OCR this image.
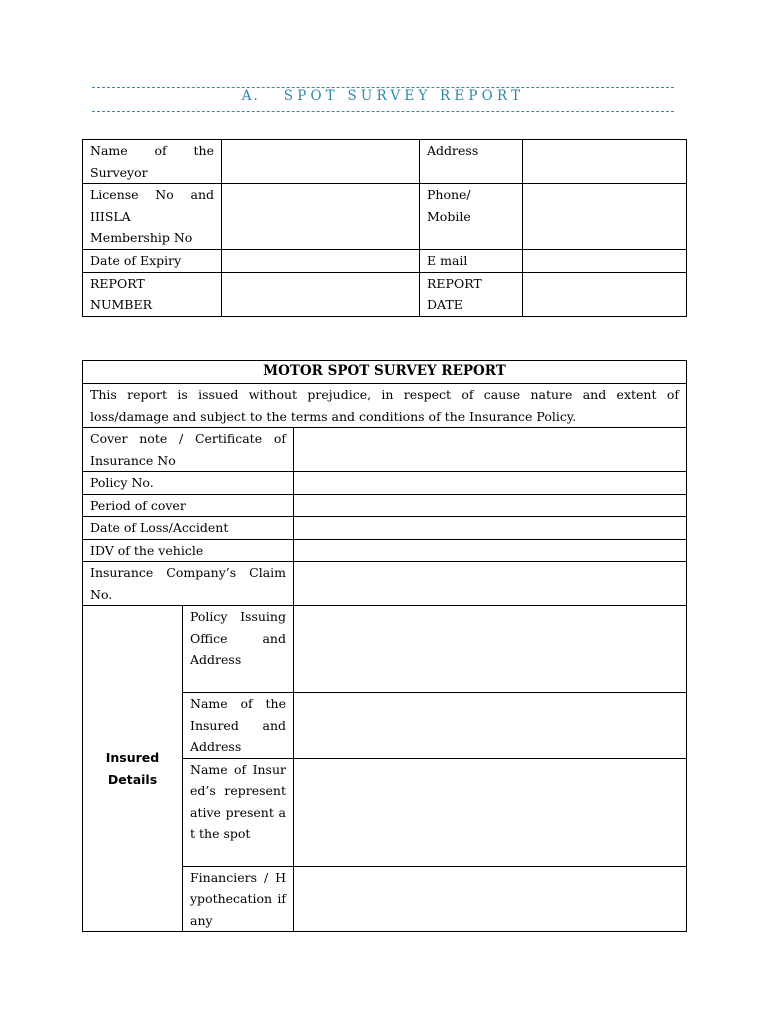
A. SPOT SURVEY REPORT
Name of the Surveyor		Address	
License No and IIISLA Membership No		Phone/ Mobile	
Date of Expiry		E mail	
REPORT NUMBER		REPORT DATE	
MOTOR SPOT SURVEY REPORT		
This report is issued without prejudice, in respect of cause nature and extent of loss/damage and subject to the terms and conditions of the Insurance Policy.		
Cover note / Certificate of Insurance No		
Policy No.		
Period of cover		
Date of Loss/Accident		
IDV of the vehicle		
Insurance Company’s Claim No.		

Insured Details	Policy Issuing Office and Address	
	Name of the Insured and Address	
	Name of Insured’s representative present at the spot	
	Financiers / Hypothecation if any	
